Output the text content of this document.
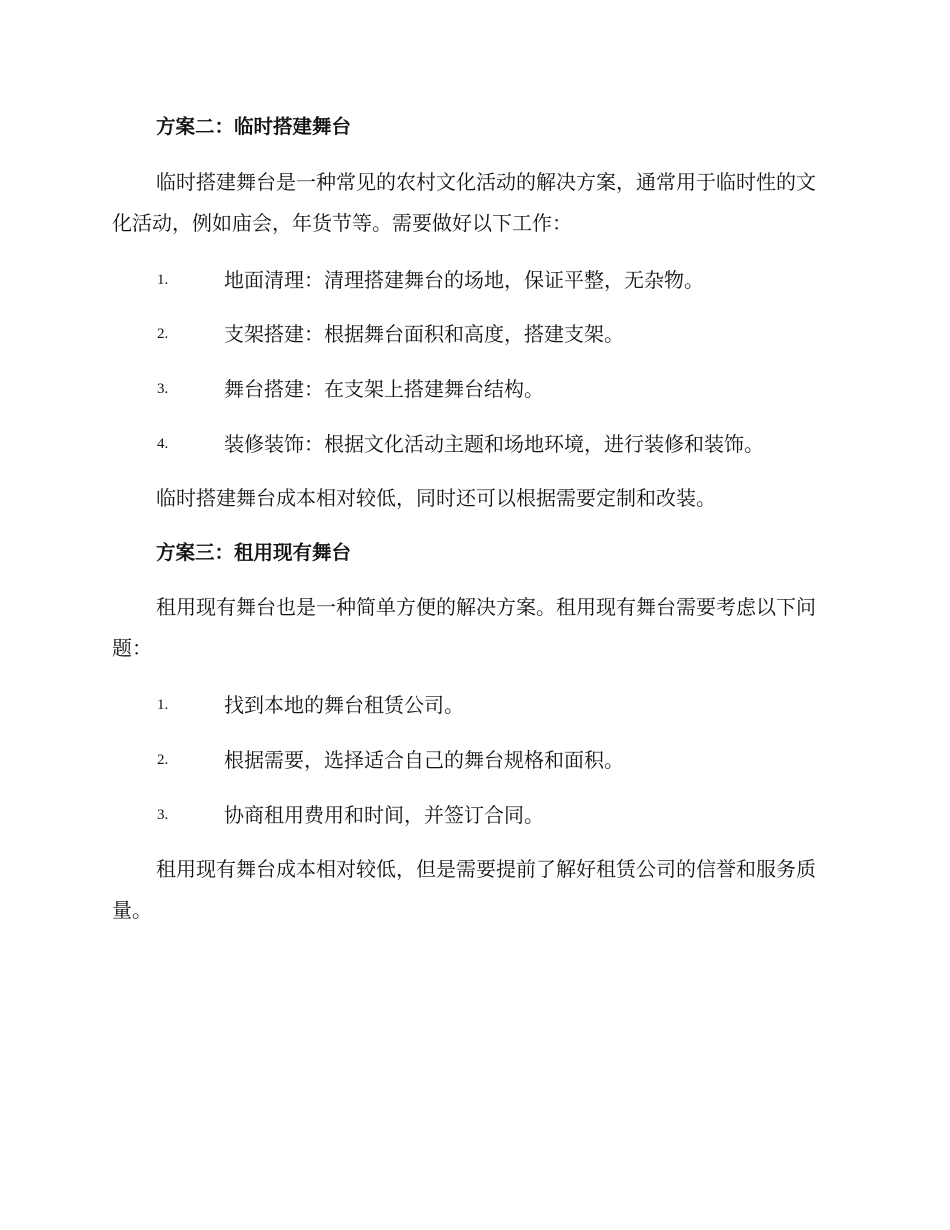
方案二：临时搭建舞台

临时搭建舞台是一种常见的农村文化活动的解决方案，通常用于临时性的文化活动，例如庙会，年货节等。需要做好以下工作：

1.	地面清理：清理搭建舞台的场地，保证平整，无杂物。
2.	支架搭建：根据舞台面积和高度，搭建支架。
3.	舞台搭建：在支架上搭建舞台结构。
4.	装修装饰：根据文化活动主题和场地环境，进行装修和装饰。

临时搭建舞台成本相对较低，同时还可以根据需要定制和改装。

方案三：租用现有舞台

租用现有舞台也是一种简单方便的解决方案。租用现有舞台需要考虑以下问题：

1.	找到本地的舞台租赁公司。
2.	根据需要，选择适合自己的舞台规格和面积。
3.	协商租用费用和时间，并签订合同。

租用现有舞台成本相对较低，但是需要提前了解好租赁公司的信誉和服务质量。
